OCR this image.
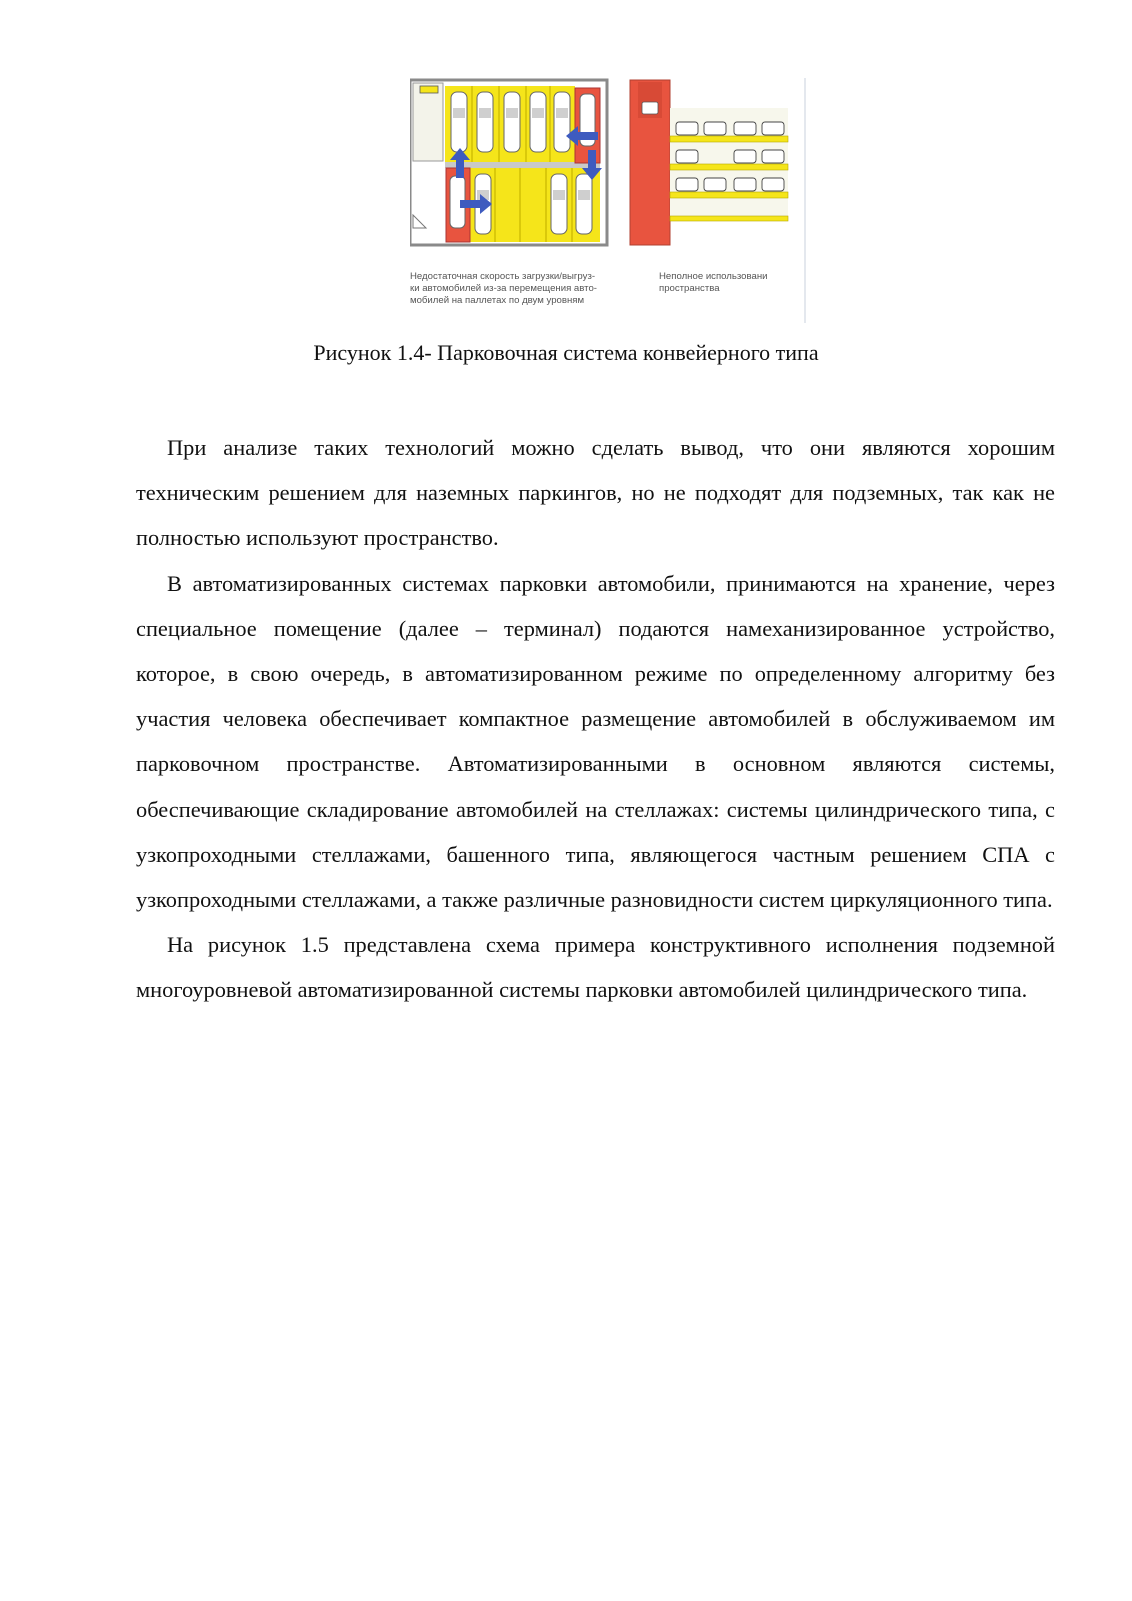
Недостаточная скорость загрузки/выгруз-
ки автомобилей из-за перемещения авто-
мобилей на паллетах по двум уровням
Неполное использовани
пространства
Рисунок 1.4- Парковочная система конвейерного типа

При анализе таких технологий можно сделать вывод, что они являются хорошим техническим решением для наземных паркингов, но не подходят для подземных, так как не полностью используют пространство.

В автоматизированных системах парковки автомобили, принимаются на хранение, через специальное помещение (далее – терминал) подаются намеханизированное устройство, которое, в свою очередь, в автоматизированном режиме по определенному алгоритму без участия человека обеспечивает компактное размещение автомобилей в обслуживаемом им парковочном пространстве. Автоматизированными в основном являются системы, обеспечивающие складирование автомобилей на стеллажах: системы цилиндрического типа, с узкопроходными стеллажами, башенного типа, являющегося частным решением СПА с узкопроходными стеллажами, а также различные разновидности систем циркуляционного типа.

На рисунок 1.5 представлена схема примера конструктивного исполнения подземной многоуровневой автоматизированной системы парковки автомобилей цилиндрического типа.
